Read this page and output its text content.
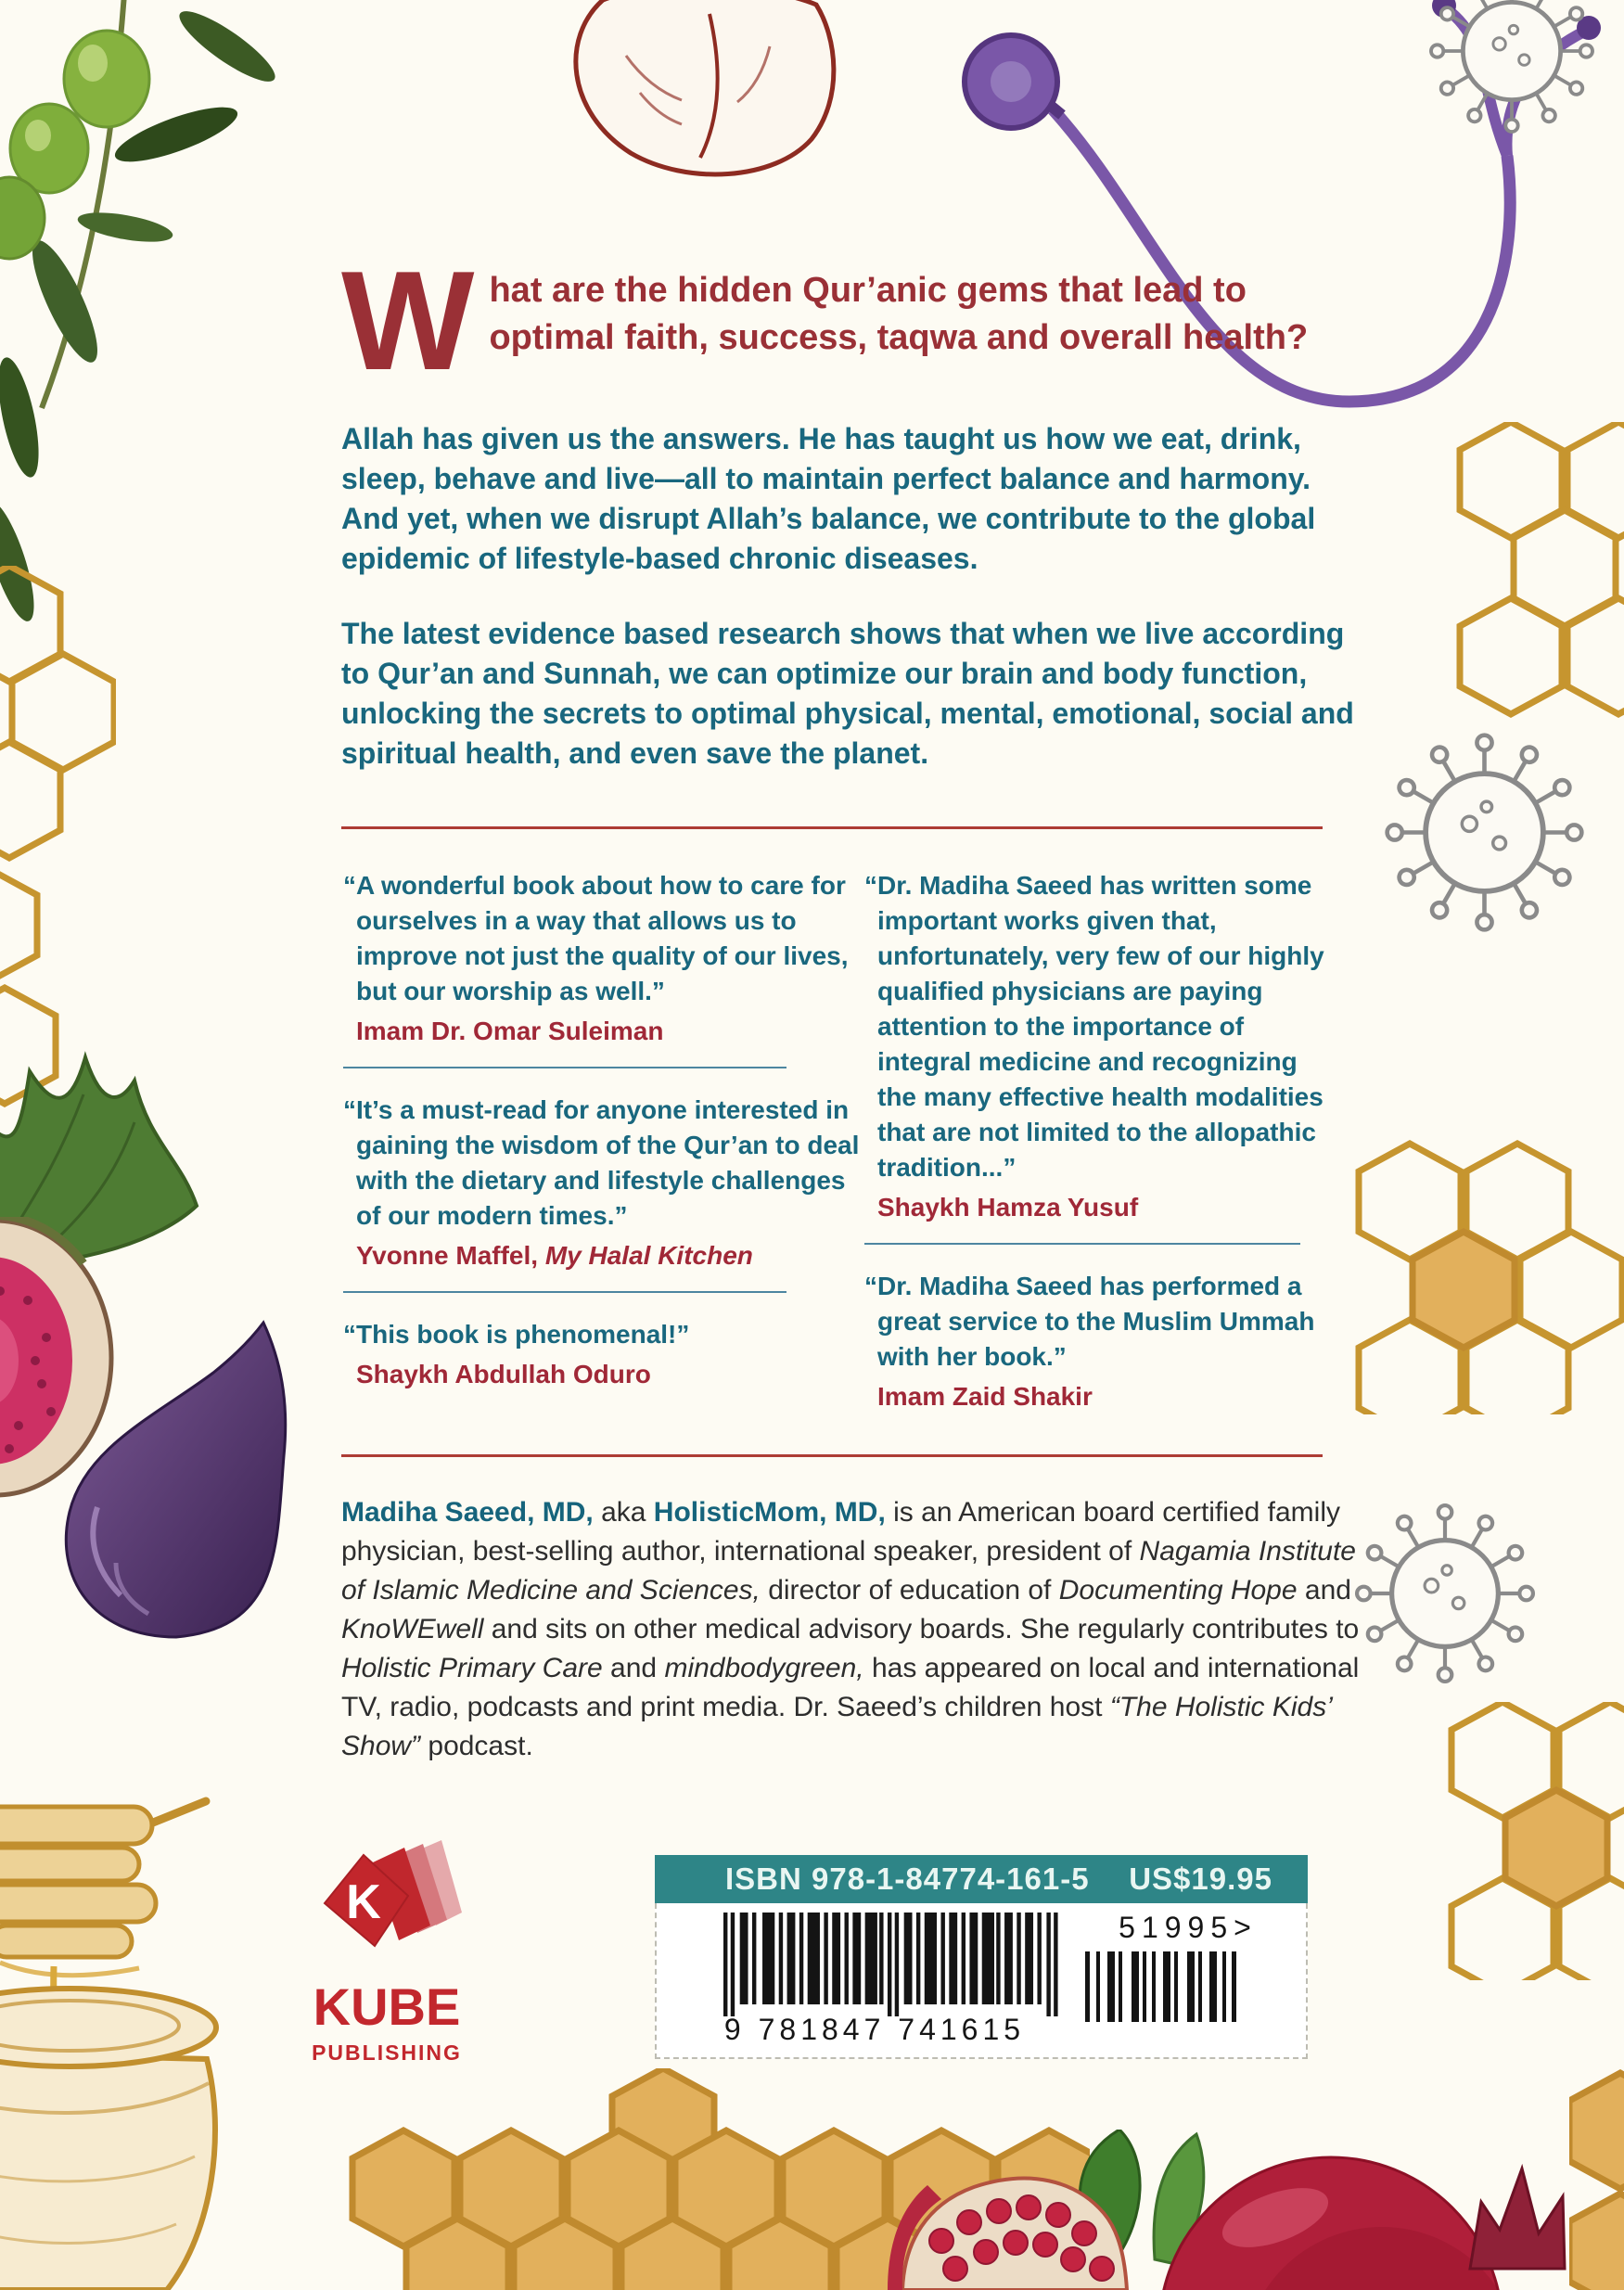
W hat are the hidden Qur’anic gems that lead to
optimal faith, success, taqwa and overall health?
Allah has given us the answers. He has taught us how we eat, drink, sleep, behave and live—all to maintain perfect balance and harmony. And yet, when we disrupt Allah’s balance, we contribute to the global epidemic of lifestyle-based chronic diseases.
The latest evidence based research shows that when we live according to Qur’an and Sunnah, we can optimize our brain and body function, unlocking the secrets to optimal physical, mental, emotional, social and spiritual health, and even save the planet.
“A wonderful book about how to care for ourselves in a way that allows us to improve not just the quality of our lives, but our worship as well.”
Imam Dr. Omar Suleiman
“It’s a must-read for anyone interested in gaining the wisdom of the Qur’an to deal with the dietary and lifestyle challenges of our modern times.”
Yvonne Maffel, My Halal Kitchen
“This book is phenomenal!”
Shaykh Abdullah Oduro
“Dr. Madiha Saeed has written some important works given that, unfortunately, very few of our highly qualified physicians are paying attention to the importance of integral medicine and recognizing the many effective health modalities that are not limited to the allopathic tradition...”
Shaykh Hamza Yusuf
“Dr. Madiha Saeed has performed a great service to the Muslim Ummah with her book.”
Imam Zaid Shakir
Madiha Saeed, MD, aka HolisticMom, MD, is an American board certified family physician, best-selling author, international speaker, president of Nagamia Institute of Islamic Medicine and Sciences, director of education of Documenting Hope and KnoWEwell and sits on other medical advisory boards. She regularly contributes to Holistic Primary Care and mindbodygreen, has appeared on local and international TV, radio, podcasts and print media. Dr. Saeed’s children host “The Holistic Kids’ Show” podcast.
K
KUBE
PUBLISHING
ISBN 978-1-84774-161-5 US$19.95
9 781847 741615
51995>
